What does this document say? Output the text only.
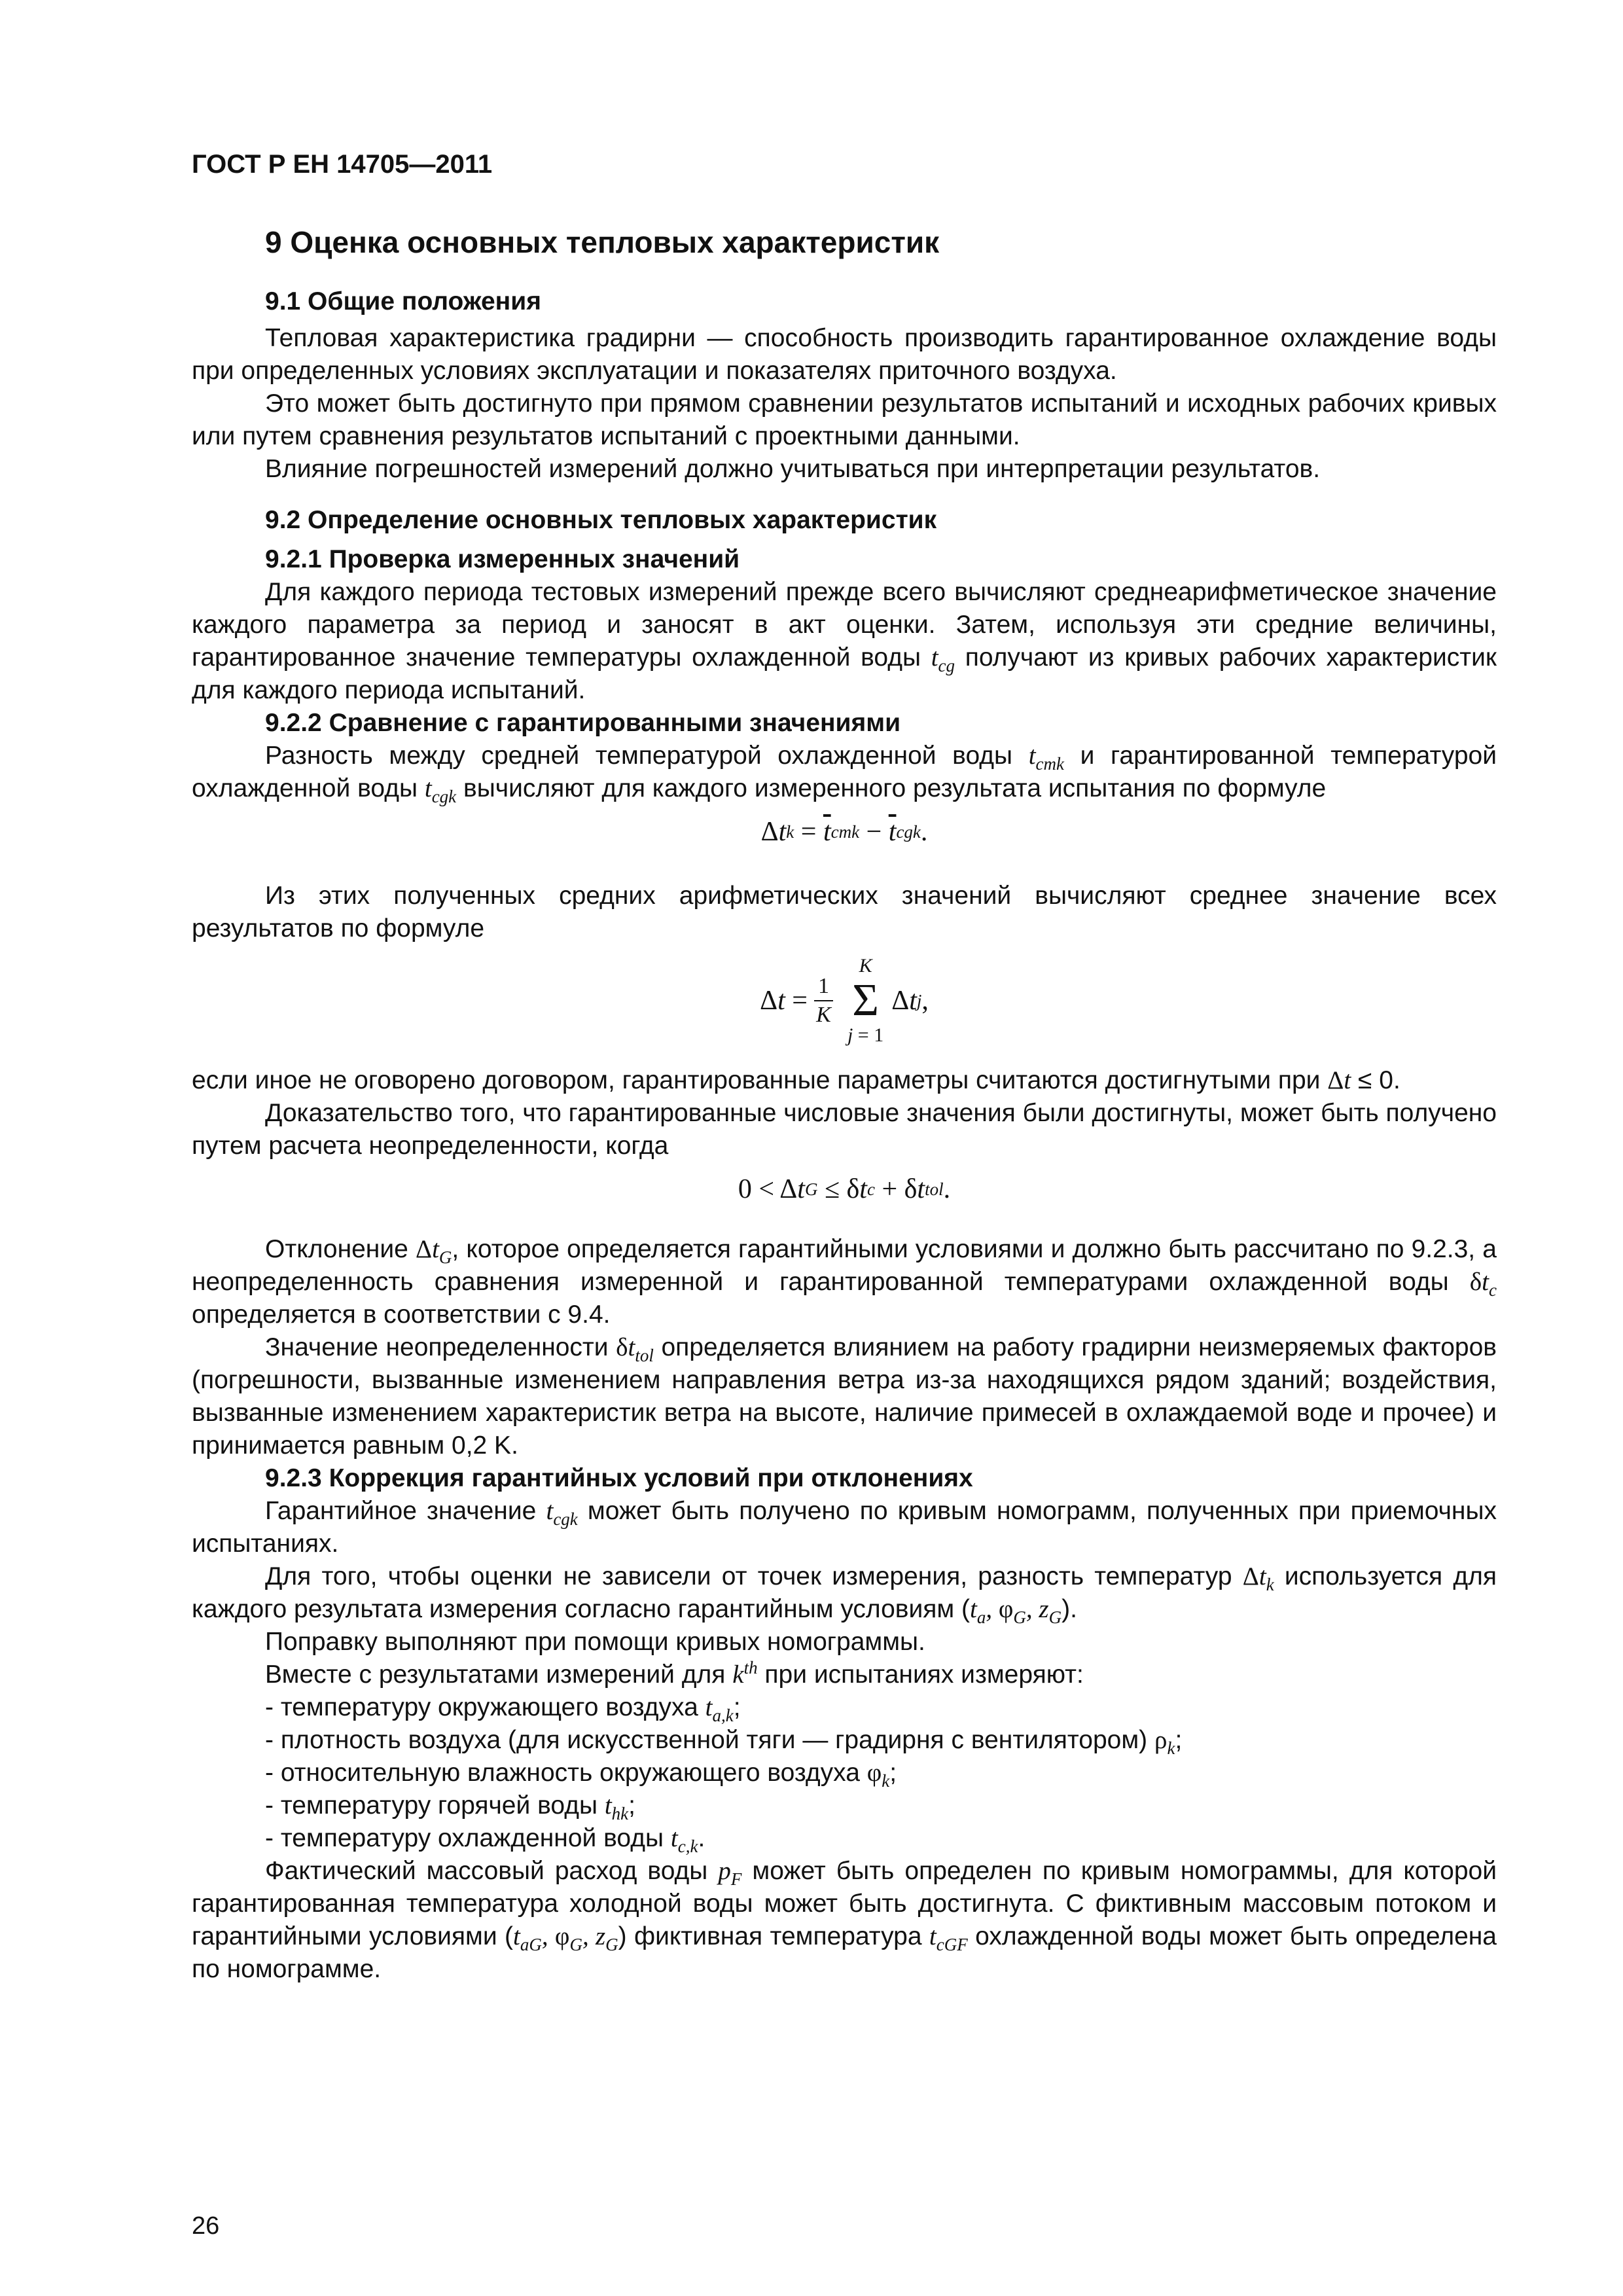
ГОСТ Р ЕН 14705—2011
9 Оценка основных тепловых характеристик
9.1 Общие положения

Тепловая характеристика градирни — способность производить гарантированное охлаждение воды при определенных условиях эксплуатации и показателях приточного воздуха.

Это может быть достигнуто при прямом сравнении результатов испытаний и исходных рабочих кривых или путем сравнения результатов испытаний с проектными данными.

Влияние погрешностей измерений должно учитываться при интерпретации результатов.

9.2 Определение основных тепловых характеристик
9.2.1 Проверка измеренных значений

Для каждого периода тестовых измерений прежде всего вычисляют среднеарифметическое значение каждого параметра за период и заносят в акт оценки. Затем, используя эти средние величины, гарантированное значение температуры охлажденной воды $t_{cg}$ получают из кривых рабочих характеристик для каждого периода испытаний.

9.2.2 Сравнение с гарантированными значениями

Разность между средней температурой охлажденной воды $t_{cmk}$ и гарантированной температурой охлажденной воды $t_{cgk}$ вычисляют для каждого измеренного результата испытания по формуле

Δ t k
=
$\overline{t}$ cmk
−
$\overline{t}$ cgk .

Из этих полученных средних арифметических значений вычисляют среднее значение всех результатов по формуле

Δ $t = \frac{1}{K}$
K
Σ
j = 1
Δ t j ,

если иное не оговорено договором, гарантированные параметры считаются достигнутыми при Δt ≤ 0.

Доказательство того, что гарантированные числовые значения были достигнуты, может быть получено путем расчета неопределенности, когда

0 < Δ t G
≤ δ t c
+ δ t tol .

Отклонение $\Delta t_G$, которое определяется гарантийными условиями и должно быть рассчитано по 9.2.3, а неопределенность сравнения измеренной и гарантированной температурами охлажденной воды $\delta t_c$ определяется в соответствии с 9.4.

Значение неопределенности $\delta t_{tol}$ определяется влиянием на работу градирни неизмеряемых факторов (погрешности, вызванные изменением направления ветра из-за находящихся рядом зданий; воздействия, вызванные изменением характеристик ветра на высоте, наличие примесей в охлаждаемой воде и прочее) и принимается равным 0,2 K.

9.2.3 Коррекция гарантийных условий при отклонениях

Гарантийное значение $t_{cgk}$ может быть получено по кривым номограмм, полученных при приемочных испытаниях.

Для того, чтобы оценки не зависели от точек измерения, разность температур $\Delta t_k$ используется для каждого результата измерения согласно гарантийным условиям ($t_a$, $\varphi_G$, $z_G$).

Поправку выполняют при помощи кривых номограммы.

Вместе с результатами измерений для $k^{th}$ при испытаниях измеряют:

- температуру окружающего воздуха $t_{a,k}$;
- плотность воздуха (для искусственной тяги — градирня с вентилятором) $\rho_k$;
- относительную влажность окружающего воздуха $\varphi_k$;
- температуру горячей воды $t_{hk}$;
- температуру охлажденной воды $t_{c,k}$.

Фактический массовый расход воды $p_F$ может быть определен по кривым номограммы, для которой гарантированная температура холодной воды может быть достигнута. С фиктивным массовым потоком и гарантийными условиями ($t_{aG}$, $\varphi_G$, $z_G$) фиктивная температура $t_{cGF}$ охлажденной воды может быть определена по номограмме.

26
